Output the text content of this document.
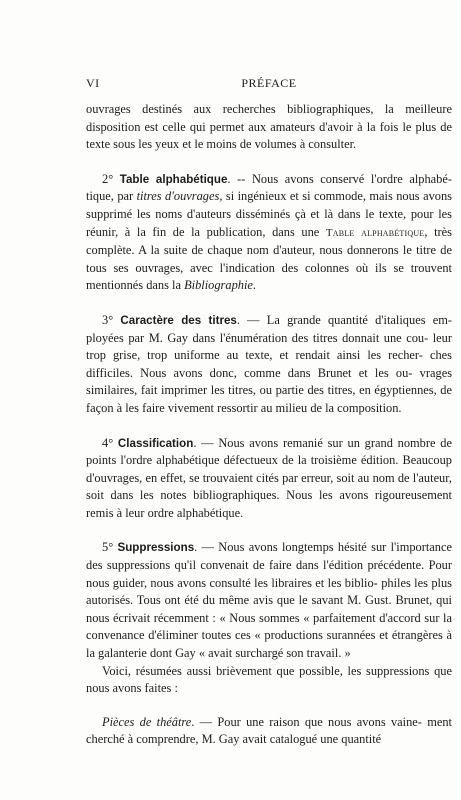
VI	PRÉFACE

ouvrages destinés aux recherches bibliographiques, la meilleure disposition est celle qui permet aux amateurs d'avoir à la fois le plus de texte sous les yeux et le moins de volumes à consulter.

2° Table alphabétique. -- Nous avons conservé l'ordre alphabé- tique, par titres d'ouvrages, si ingénieux et si commode, mais nous avons supprimé les noms d'auteurs disséminés çà et là dans le texte, pour les réunir, à la fin de la publication, dans une Table alphabétique, très complète. A la suite de chaque nom d'auteur, nous donnerons le titre de tous ses ouvrages, avec l'indication des colonnes où ils se trouvent mentionnés dans la Bibliographie.

3° Caractère des titres. — La grande quantité d'italiques em- ployées par M. Gay dans l'énumération des titres donnait une cou- leur trop grise, trop uniforme au texte, et rendait ainsi les recher- ches difficiles. Nous avons donc, comme dans Brunet et les ou- vrages similaires, fait imprimer les titres, ou partie des titres, en égyptiennes, de façon à les faire vivement ressortir au milieu de la composition.

4° Classification. — Nous avons remanié sur un grand nombre de points l'ordre alphabétique défectueux de la troisième édition. Beaucoup d'ouvrages, en effet, se trouvaient cités par erreur, soit au nom de l'auteur, soit dans les notes bibliographiques. Nous les avons rigoureusement remis à leur ordre alphabétique.

5° Suppressions. — Nous avons longtemps hésité sur l'importance des suppressions qu'il convenait de faire dans l'édition précédente. Pour nous guider, nous avons consulté les libraires et les biblio- philes les plus autorisés. Tous ont été du même avis que le savant M. Gust. Brunet, qui nous écrivait récemment : « Nous sommes « parfaitement d'accord sur la convenance d'éliminer toutes ces « productions surannées et étrangères à la galanterie dont Gay « avait surchargé son travail. »

Voici, résumées aussi brièvement que possible, les suppressions que nous avons faites :

Pièces de théâtre. — Pour une raison que nous avons vaine- ment cherché à comprendre, M. Gay avait catalogué une quantité
